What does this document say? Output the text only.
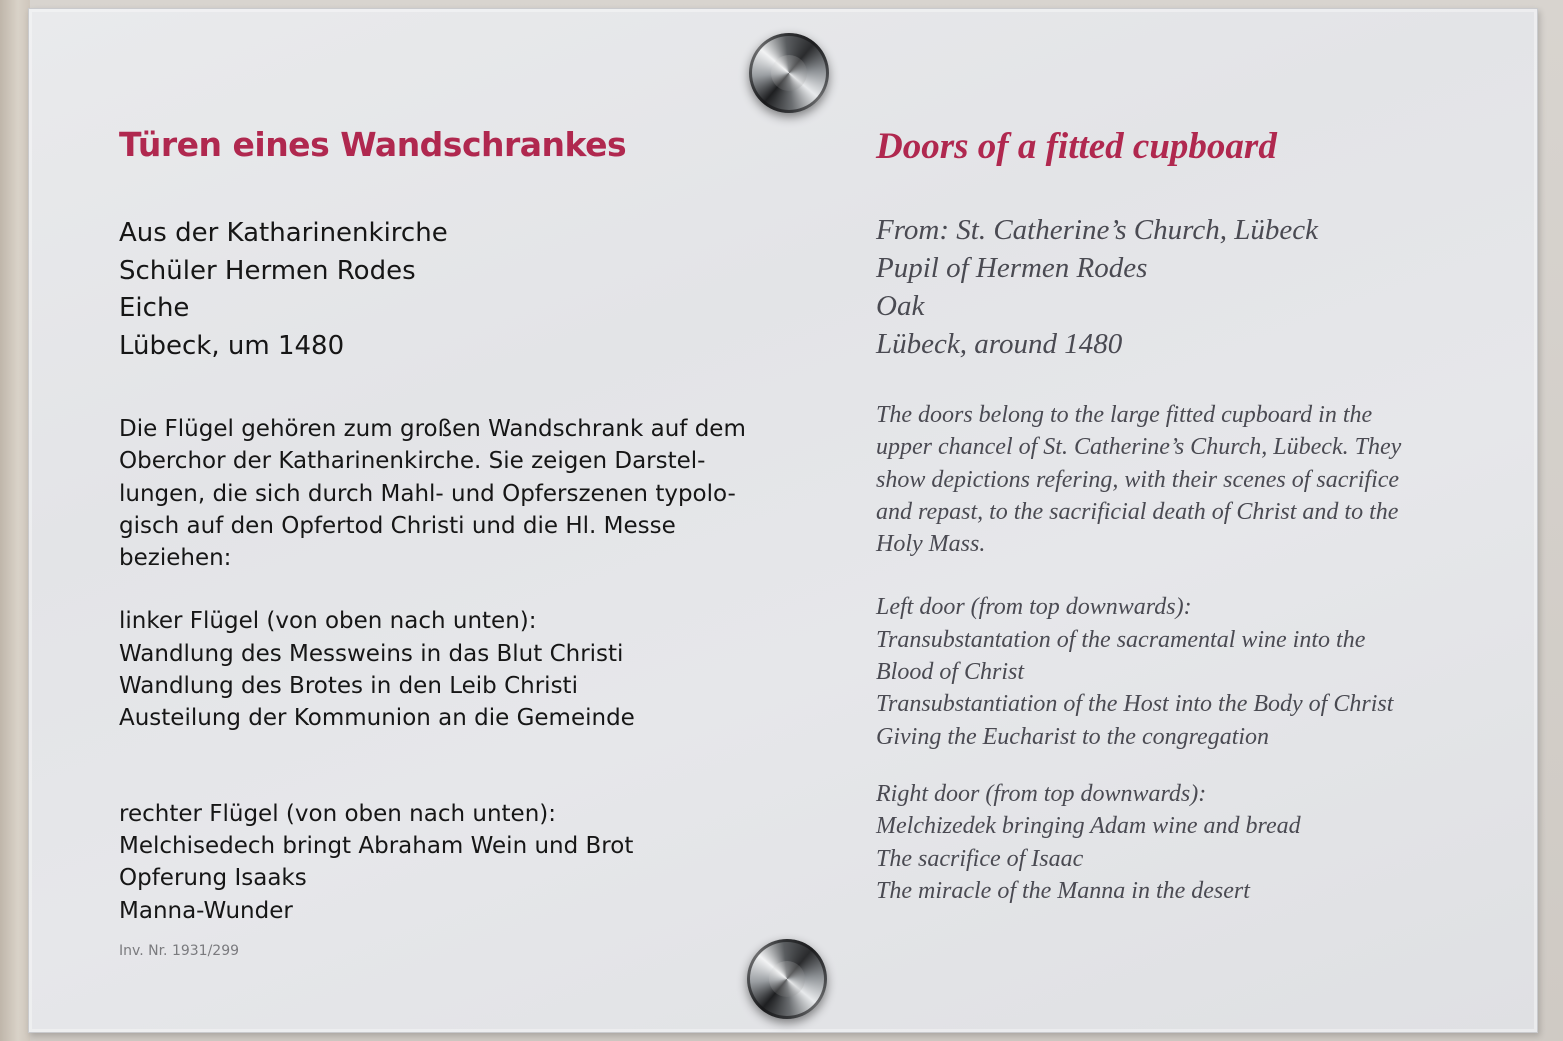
Türen eines Wandschrankes
Aus der Katharinenkirche
Schüler Hermen Rodes
Eiche
Lübeck, um 1480
Die Flügel gehören zum großen Wandschrank auf dem
Oberchor der Katharinenkirche. Sie zeigen Darstel-
lungen, die sich durch Mahl- und Opferszenen typolo-
gisch auf den Opfertod Christi und die Hl. Messe
beziehen:
linker Flügel (von oben nach unten):
Wandlung des Messweins in das Blut Christi
Wandlung des Brotes in den Leib Christi
Austeilung der Kommunion an die Gemeinde
rechter Flügel (von oben nach unten):
Melchisedech bringt Abraham Wein und Brot
Opferung Isaaks
Manna-Wunder
Inv. Nr. 1931/299
Doors of a fitted cupboard
From: St. Catherine’s Church, Lübeck
Pupil of Hermen Rodes
Oak
Lübeck, around 1480
The doors belong to the large fitted cupboard in the
upper chancel of St. Catherine’s Church, Lübeck. They
show depictions refering, with their scenes of sacrifice
and repast, to the sacrificial death of Christ and to the
Holy Mass.
Left door (from top downwards):
Transubstantation of the sacramental wine into the
Blood of Christ
Transubstantiation of the Host into the Body of Christ
Giving the Eucharist to the congregation
Right door (from top downwards):
Melchizedek bringing Adam wine and bread
The sacrifice of Isaac
The miracle of the Manna in the desert
